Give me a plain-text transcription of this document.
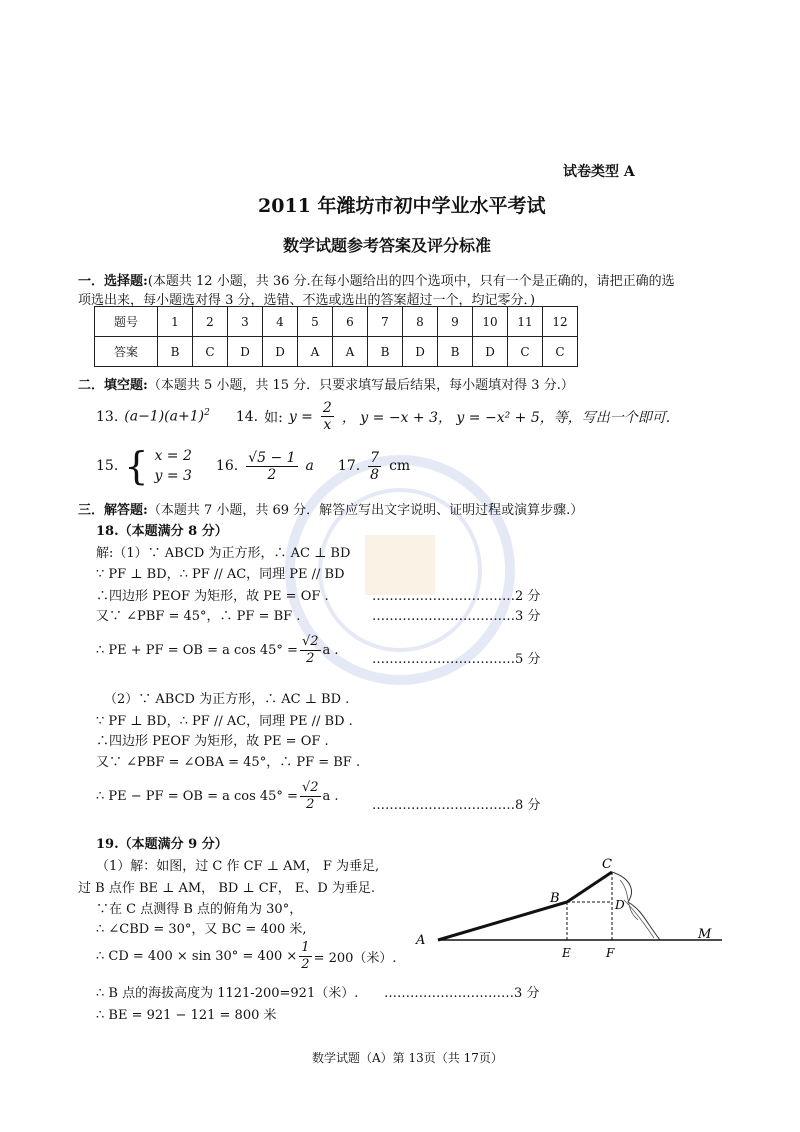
试卷类型 A
2011 年潍坊市初中学业水平考试
数学试题参考答案及评分标准
一．选择题:(本题共 12 小题，共 36 分.在每小题给出的四个选项中，只有一个是正确的，请把正确的选
项选出来，每小题选对得 3 分，选错、不选或选出的答案超过一个，均记零分．)
题号	1	2	3	4	5	6	7	8	9	10	11	12
答案	B	C	D	D	A	A	B	D	B	D	C	C
二．填空题:（本题共 5 小题，共 15 分．只要求填写最后结果，每小题填对得 3 分.）
13. $(a-1)(a+1)^2$ 14. 如: $y = \frac{2}{x}$ ， y = −x + 3， y = −x² + 5，等，写出一个即可.
15. { x = 2
y = 3
16. $\frac{√5 - 1}{2}$ a 17. $\frac{7}{8}$ cm
三．解答题:（本题共 7 小题，共 69 分．解答应写出文字说明、证明过程或演算步骤.）
18.（本题满分 8 分）
解:（1）∵ ABCD 为正方形，∴ AC ⊥ BD
∵ PF ⊥ BD，∴ PF // AC，同理 PE // BD
∴四边形 PEOF 为矩形，故 PE = OF .	……………………………2 分
又∵ ∠PBF = 45°，∴ PF = BF .	……………………………3 分
∴ PE + PF = OB = a $\cos 45^\circ = \frac{√2}{2}$ a .
……………………………5 分
（2）∵ ABCD 为正方形，∴ AC ⊥ BD .
∵ PF ⊥ BD，∴ PF // AC，同理 PE // BD .
∴四边形 PEOF 为矩形，故 PE = OF .
又∵ ∠PBF = ∠OBA = 45°，∴ PF = BF .
∴ PE − PF = OB = a $\cos 45^\circ = \frac{√2}{2}$ a .
……………………………8 分
19.（本题满分 9 分）
（1）解：如图，过 C 作 CF ⊥ AM， F 为垂足,
过 B 点作 BE ⊥ AM， BD ⊥ CF， E、D 为垂足.
∵在 C 点测得 B 点的俯角为 30°，
∴ ∠CBD = 30°，又 BC = 400 米,
∴ CD = $400 \times \sin 30^\circ = 400 \times \frac{1}{2} = 200$（米）.
∴ B 点的海拔高度为 1121-200=921（米）. …………………………3 分
∴ BE = 921 − 121 = 800 米
A
B
C
D
E	F
M
数学试题（A）第 13页（共 17页）
